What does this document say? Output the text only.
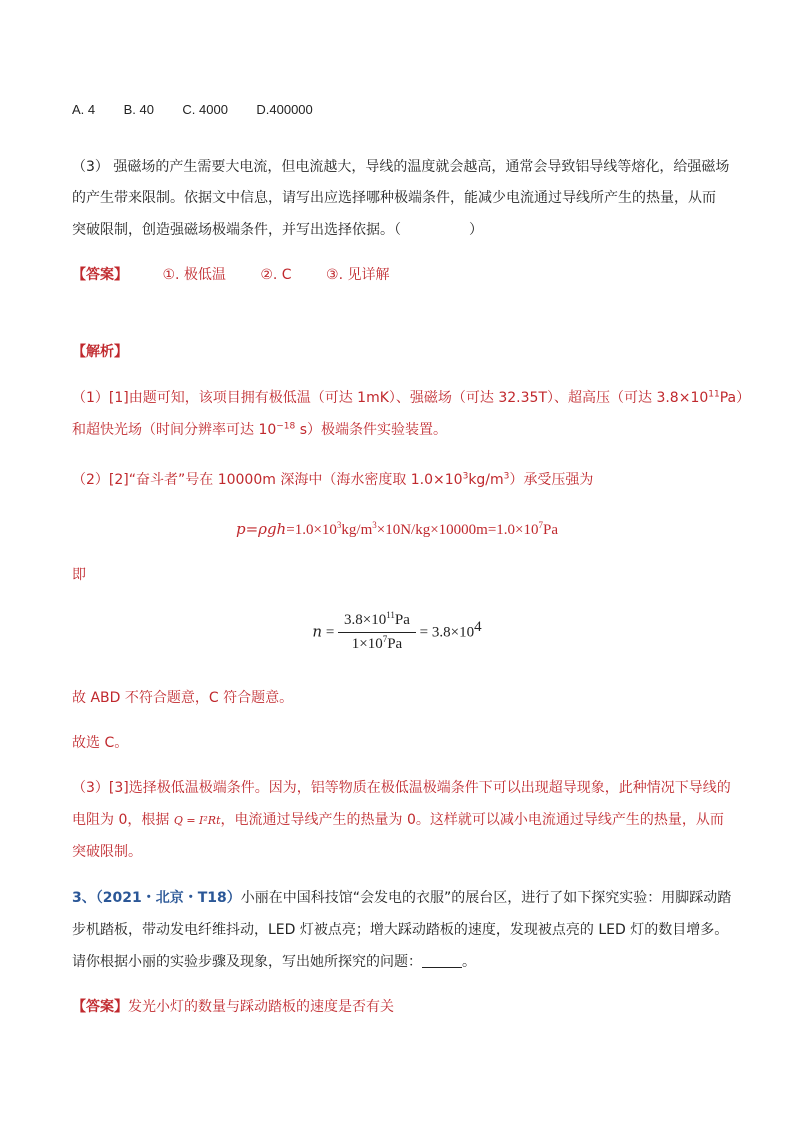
A. 4 B. 40 C. 4000 D.400000
（3） 强磁场的产生需要大电流，但电流越大，导线的温度就会越高，通常会导致铝导线等熔化，给强磁场
的产生带来限制。依据文中信息，请写出应选择哪种极端条件，能减少电流通过导线所产生的热量，从而
突破限制，创造强磁场极端条件，并写出选择依据。（	）
【答案】 ①. 极低温 ②. C ③. 见详解
【解析】
（1）[1]由题可知，该项目拥有极低温（可达 1mK）、强磁场（可达 32.35T）、超高压（可达 $3.8\times 10^{11}Pa$）
和超快光场（时间分辨率可达 $10^{-18}$ s）极端条件实验装置。
（2）[2]“奋斗者”号在 10000m 深海中（海水密度取 $1.0\times 10^3kg/m^3$）承受压强为
$p=\rho gh=1.0\times 10^3kg/m^3\times 10N/kg\times 10000m=1.0\times 10^7Pa$
即
$n = \frac{3.8\times 10^{11}Pa}{1\times 10^7Pa} = 3.8\times 10^4$
故 ABD 不符合题意，C 符合题意。
故选 C。
（3）[3]选择极低温极端条件。因为，铝等物质在极低温极端条件下可以出现超导现象，此种情况下导线的
电阻为 0，根据 Q = I²Rt，电流通过导线产生的热量为 0。这样就可以减小电流通过导线产生的热量，从而
突破限制。
3、（2021・北京・T18）小丽在中国科技馆“会发电的衣服”的展台区，进行了如下探究实验：用脚踩动踏
步机踏板，带动发电纤维抖动，LED 灯被点亮；增大踩动踏板的速度，发现被点亮的 LED 灯的数目增多。
请你根据小丽的实验步骤及现象，写出她所探究的问题：	。
【答案】发光小灯的数量与踩动踏板的速度是否有关
